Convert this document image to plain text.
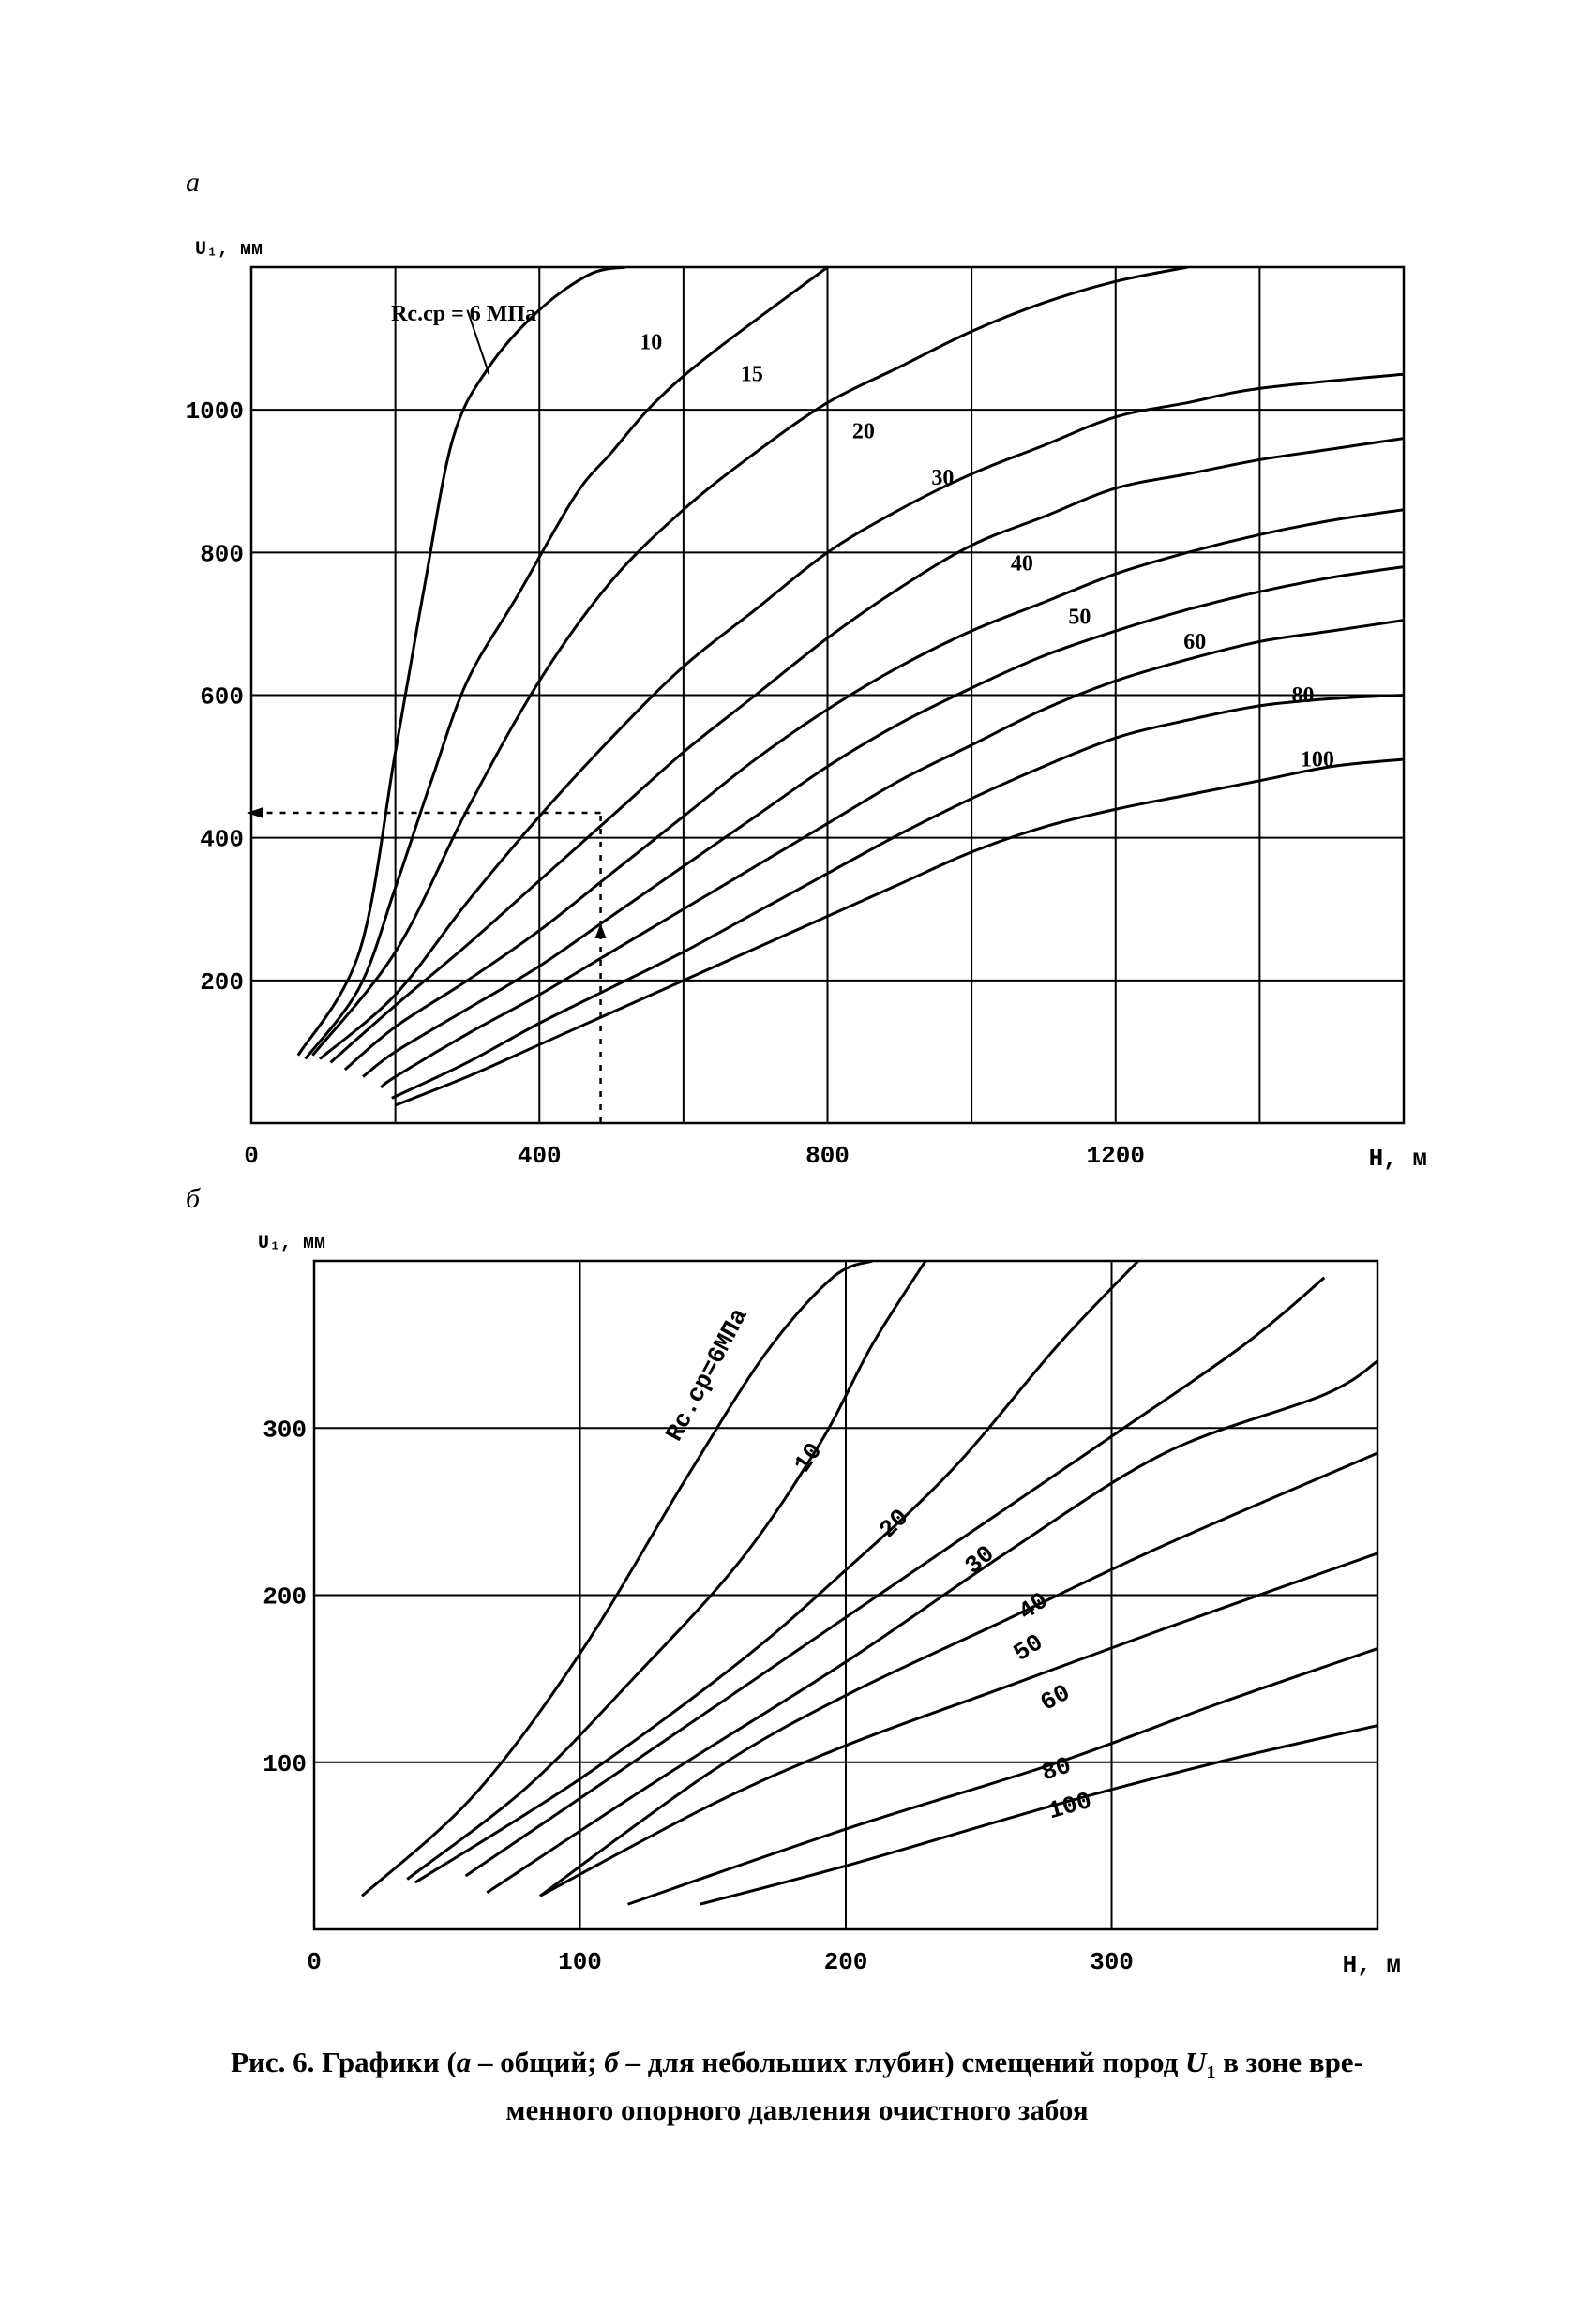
а
б
0	400	800	1200
200
400
600
800
1000
U₁, мм
H, м
Rс.ср = 6 МПа
10
15
20
30
40
50
60
80
100
0	100	200	300
100
200
300
U₁, мм
H, м
Rс.ср=6МПа
10
20
30
40
50
60
80
100
Рис. 6. Графики (а – общий; б – для небольших глубин) смещений пород $U_1$ в зоне вре-
менного опорного давления очистного забоя
